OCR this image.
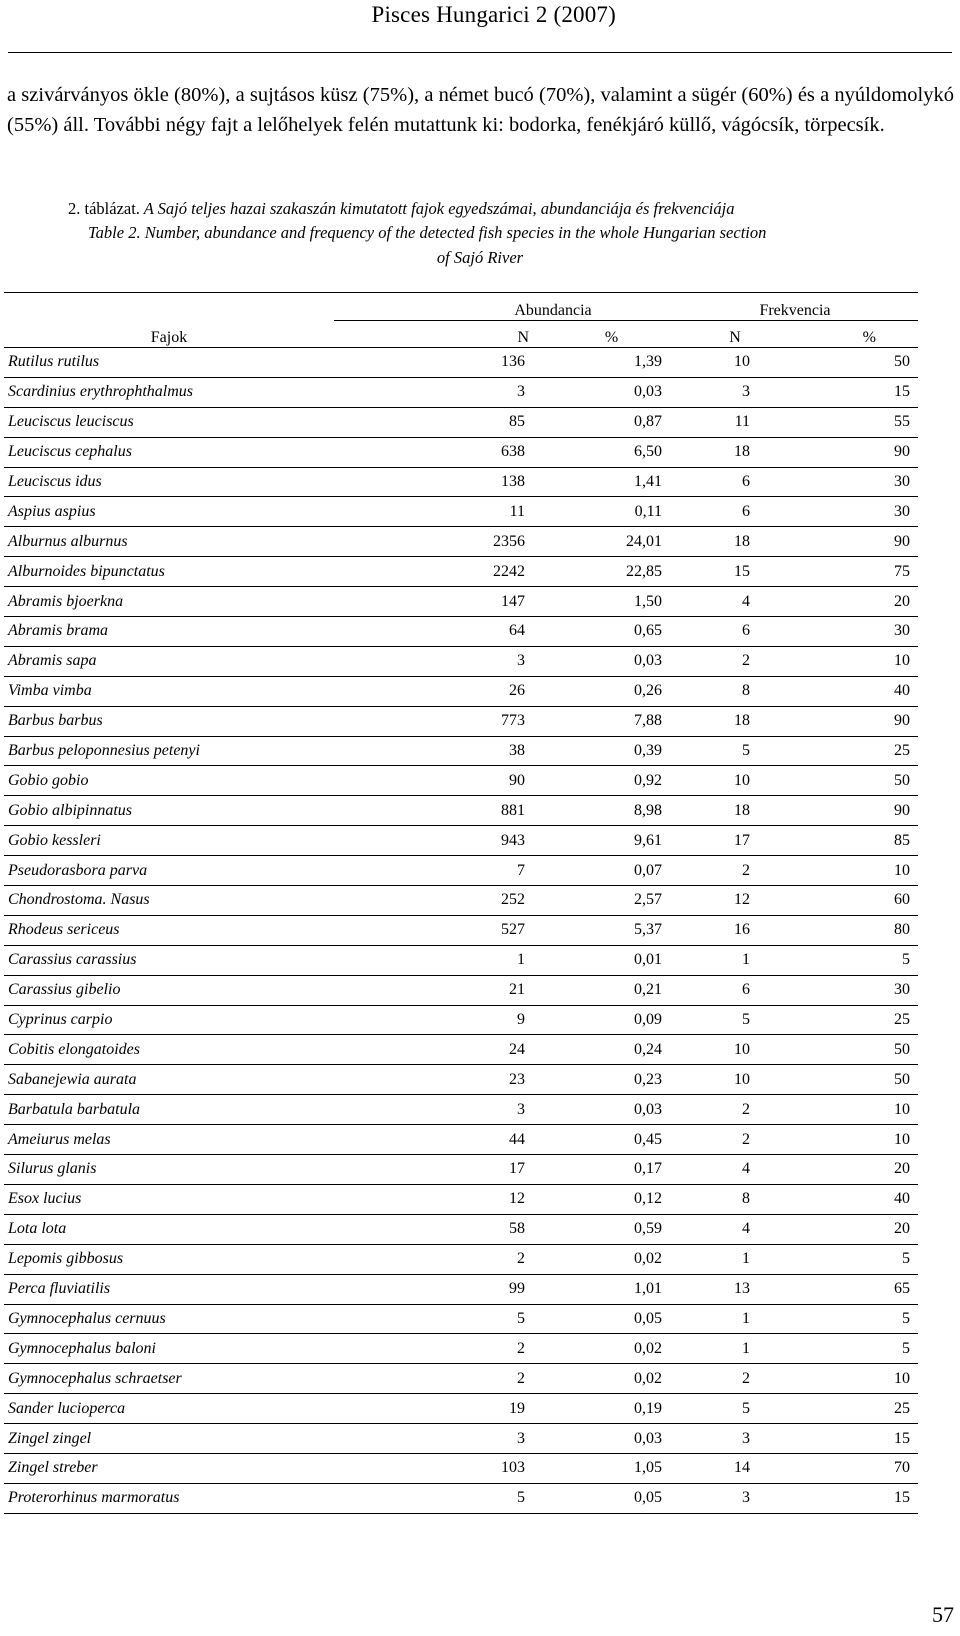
Pisces Hungarici 2 (2007)

a szivárványos ökle (80%), a sujtásos küsz (75%), a német bucó (70%), valamint a sügér (60%) és a nyúldomolykó (55%) áll. További négy fajt a lelőhelyek felén mutattunk ki: bodorka, fenékjáró küllő, vágócsík, törpecsík.

2. táblázat. A Sajó teljes hazai szakaszán kimutatott fajok egyedszámai, abundanciája és frekvenciája
Table 2. Number, abundance and frequency of the detected fish species in the whole Hungarian section
of Sajó River
Fajok	Abundancia		Frekvencia	
	N	%	N	%
Rutilus rutilus	136	1,39	10	50
Scardinius erythrophthalmus	3	0,03	3	15
Leuciscus leuciscus	85	0,87	11	55
Leuciscus cephalus	638	6,50	18	90
Leuciscus idus	138	1,41	6	30
Aspius aspius	11	0,11	6	30
Alburnus alburnus	2356	24,01	18	90
Alburnoides bipunctatus	2242	22,85	15	75
Abramis bjoerkna	147	1,50	4	20
Abramis brama	64	0,65	6	30
Abramis sapa	3	0,03	2	10
Vimba vimba	26	0,26	8	40
Barbus barbus	773	7,88	18	90
Barbus peloponnesius petenyi	38	0,39	5	25
Gobio gobio	90	0,92	10	50
Gobio albipinnatus	881	8,98	18	90
Gobio kessleri	943	9,61	17	85
Pseudorasbora parva	7	0,07	2	10
Chondrostoma. Nasus	252	2,57	12	60
Rhodeus sericeus	527	5,37	16	80
Carassius carassius	1	0,01	1	5
Carassius gibelio	21	0,21	6	30
Cyprinus carpio	9	0,09	5	25
Cobitis elongatoides	24	0,24	10	50
Sabanejewia aurata	23	0,23	10	50
Barbatula barbatula	3	0,03	2	10
Ameiurus melas	44	0,45	2	10
Silurus glanis	17	0,17	4	20
Esox lucius	12	0,12	8	40
Lota lota	58	0,59	4	20
Lepomis gibbosus	2	0,02	1	5
Perca fluviatilis	99	1,01	13	65
Gymnocephalus cernuus	5	0,05	1	5
Gymnocephalus baloni	2	0,02	1	5
Gymnocephalus schraetser	2	0,02	2	10
Sander lucioperca	19	0,19	5	25
Zingel zingel	3	0,03	3	15
Zingel streber	103	1,05	14	70
Proterorhinus marmoratus	5	0,05	3	15
57
